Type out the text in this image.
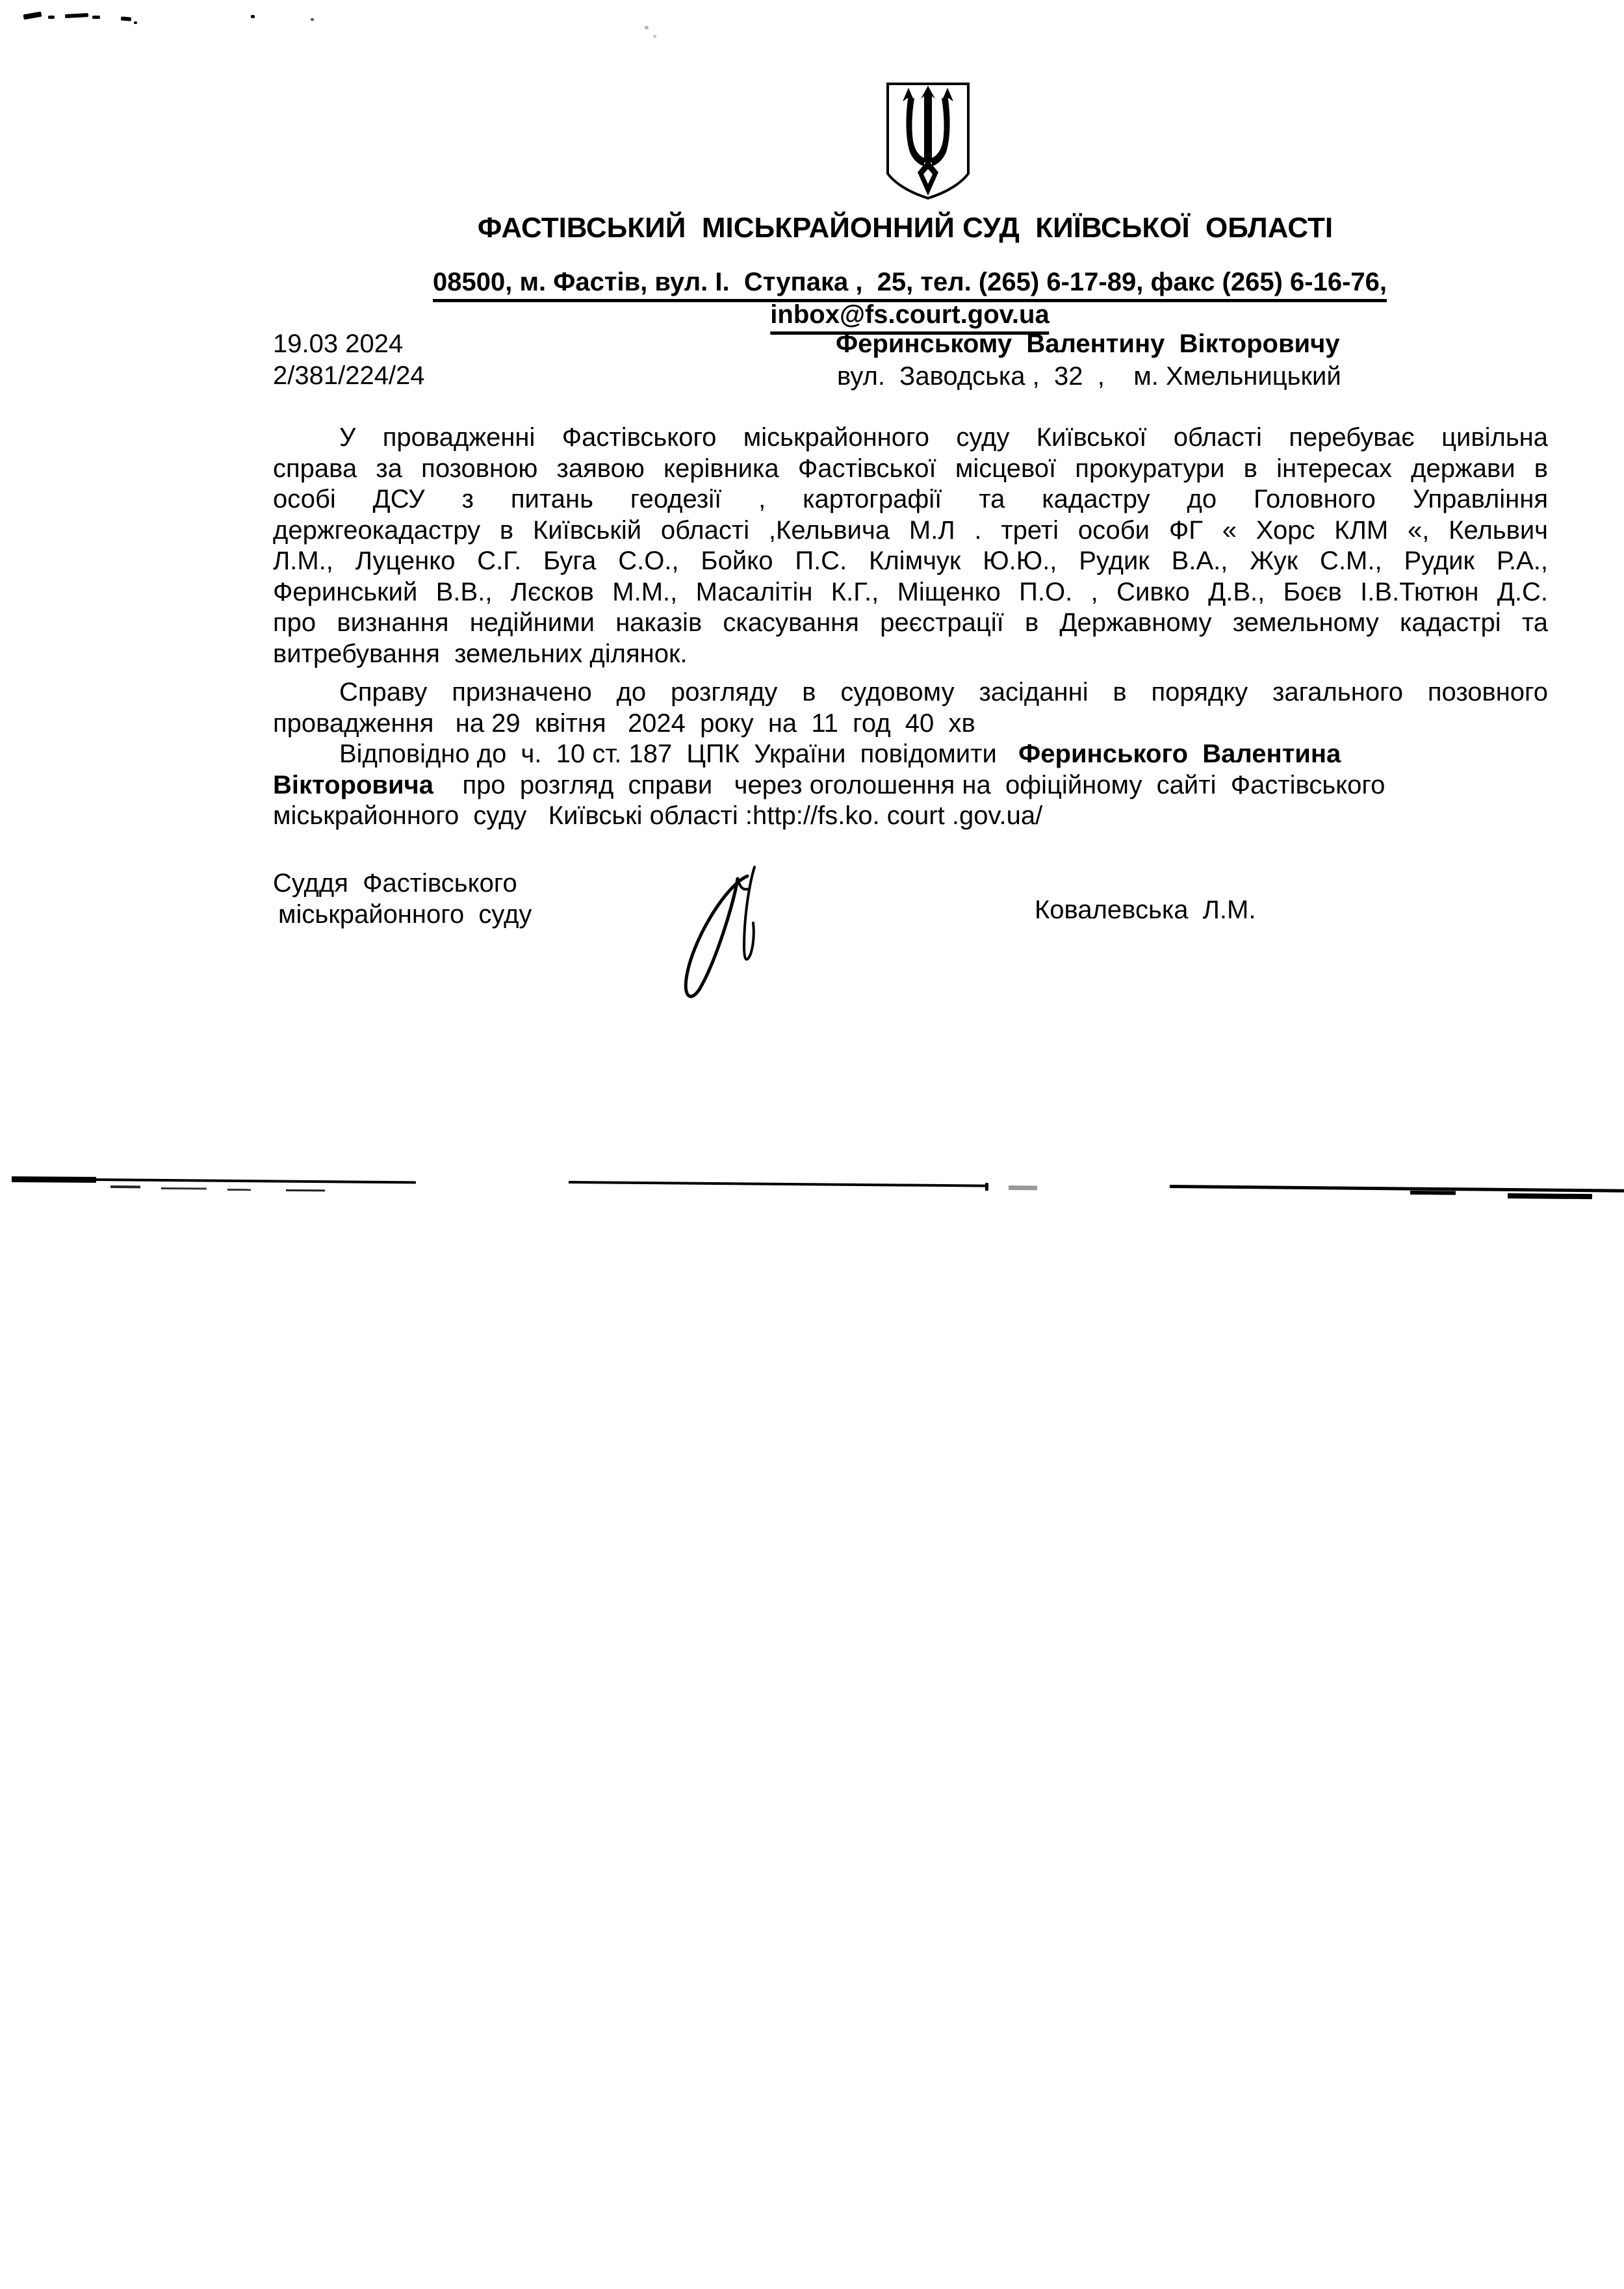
ФАСТІВСЬКИЙ  МІСЬКРАЙОННИЙ СУД  КИЇВСЬКОЇ  ОБЛАСТІ
08500, м. Фастів, вул. І.  Ступака ,  25, тел. (265) 6-17-89, факс (265) 6-16-76,
inbox@fs.court.gov.ua
19.03 2024
2/381/224/24
Феринському  Валентину  Вікторовичу
вул.  Заводська ,  32  ,    м. Хмельницький
У провадженні Фастівського міськрайонного суду Київської області перебуває цивільна
справа за позовною заявою керівника Фастівської місцевої прокуратури в інтересах держави в
особі ДСУ з питань геодезії , картографії та кадастру до Головного Управління
держгеокадастру в Київській області ,Кельвича М.Л . треті особи ФГ « Хорс КЛМ «, Кельвич
Л.М., Луценко С.Г. Буга С.О., Бойко П.С. Клімчук Ю.Ю., Рудик В.А., Жук С.М., Рудик Р.А.,
Феринський В.В., Лєсков М.М., Масалітін К.Г., Міщенко П.О. , Сивко Д.В., Боєв І.В.Тютюн Д.С.
про визнання недійними наказів скасування реєстрації в Державному земельному кадастрі та
витребування  земельних ділянок.
Справу призначено до розгляду в судовому засіданні в порядку загального позовного
провадження   на 29  квітня   2024  року  на  11  год  40  хв
Відповідно до  ч.  10 ст. 187  ЦПК  України  повідомити   Феринського  Валентина
Вікторовича    про  розгляд  справи   через оголошення на  офіційному  сайті  Фастівського
міськрайонного  суду   Київські області :http://fs.ko. court .gov.ua/
Суддя  Фастівського
міськрайонного  суду	Ковалевська  Л.М.
